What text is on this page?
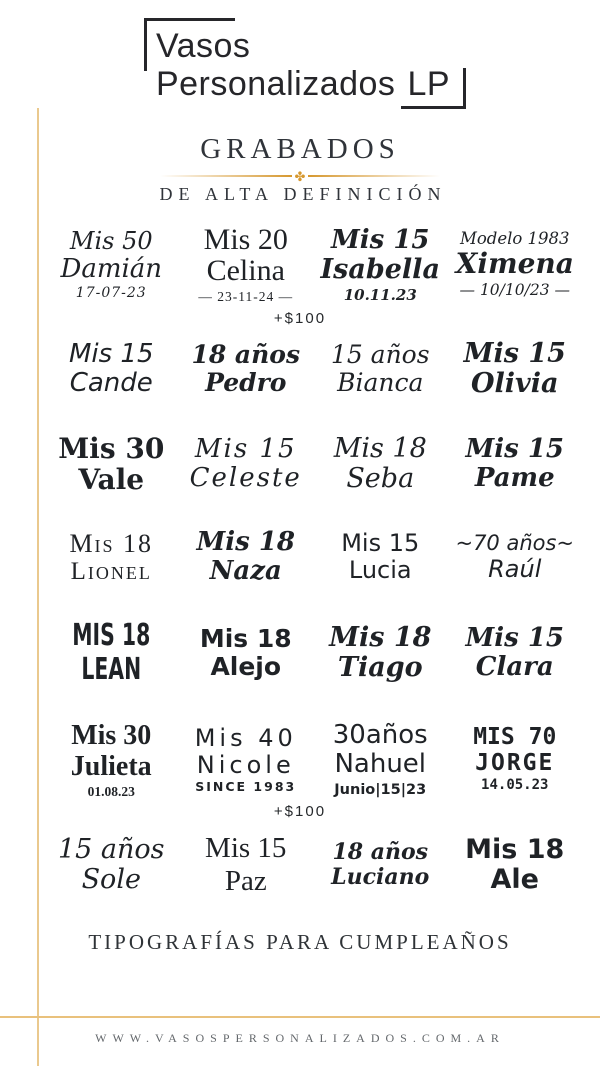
Vasos
Personalizados LP
GRABADOS
✤
DE ALTA DEFINICIÓN
Mis 50
Damián
17-07-23
Mis 20
Celina
— 23-11-24 —
Mis 15
Isabella
10.11.23
Modelo 1983
Ximena
— 10/10/23 —
+$100
Mis 15
Cande
18 años
Pedro
15 años
Bianca
Mis 15
Olivia
Mis 30
Vale
Mis 15
Celeste
Mis 18
Seba
Mis 15
Pame
Mis 18
Lionel
Mis 18
Naza
Mis 15
Lucia
~70 años~
Raúl
MIS 18
LEAN
Mis 18
Alejo
Mis 18
Tiago
Mis 15
Clara
Mis 30
Julieta
01.08.23
Mis 40
Nicole
SINCE 1983
30años
Nahuel
Junio|15|23
MIS 70
JORGE
14.05.23
+$100
15 años
Sole
Mis 15
Paz
18 años
Luciano
Mis 18
Ale
TIPOGRAFÍAS PARA CUMPLEAÑOS
WWW.VASOSPERSONALIZADOS.COM.AR
